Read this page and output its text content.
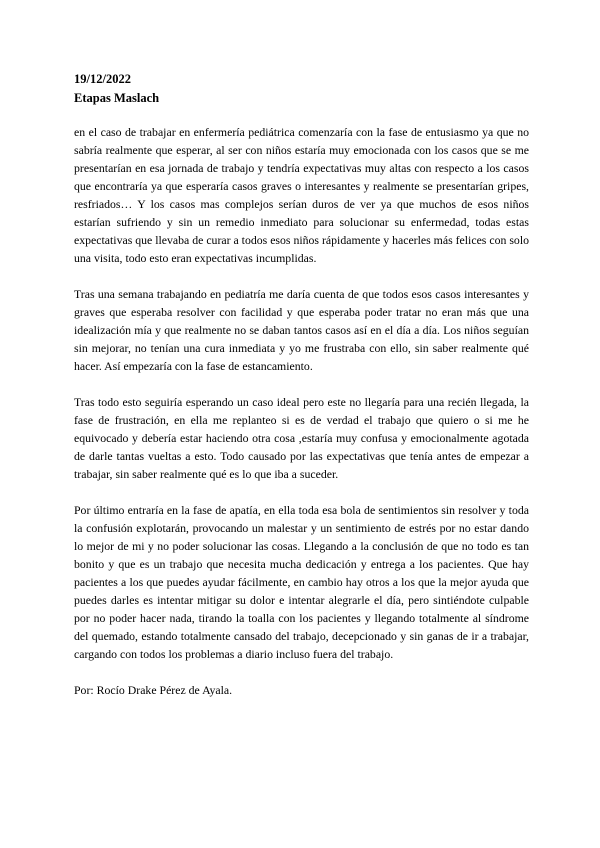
19/12/2022
Etapas Maslach

en el caso de trabajar en enfermería pediátrica comenzaría con la fase de entusiasmo ya que no sabría realmente que esperar, al ser con niños estaría muy emocionada con los casos que se me presentarían en esa jornada de trabajo y tendría expectativas muy altas con respecto a los casos que encontraría ya que esperaría casos graves o interesantes y realmente se presentarían gripes, resfriados… Y los casos mas complejos serían duros de ver ya que muchos de esos niños estarían sufriendo y sin un remedio inmediato para solucionar su enfermedad, todas estas expectativas que llevaba de curar a todos esos niños rápidamente y hacerles más felices con solo una visita, todo esto eran expectativas incumplidas.

Tras una semana trabajando en pediatría me daría cuenta de que todos esos casos interesantes y graves que esperaba resolver con facilidad y que esperaba poder tratar no eran más que una idealización mía y que realmente no se daban tantos casos así en el día a día. Los niños seguían sin mejorar, no tenían una cura inmediata y yo me frustraba con ello, sin saber realmente qué hacer. Así empezaría con la fase de estancamiento.

Tras todo esto seguiría esperando un caso ideal pero este no llegaría para una recién llegada, la fase de frustración, en ella me replanteo si es de verdad el trabajo que quiero o si me he equivocado y debería estar haciendo otra cosa ,estaría muy confusa y emocionalmente agotada de darle tantas vueltas a esto. Todo causado por las expectativas que tenía antes de empezar a trabajar, sin saber realmente qué es lo que iba a suceder.

Por último entraría en la fase de apatía, en ella toda esa bola de sentimientos sin resolver y toda la confusión explotarán, provocando un malestar y un sentimiento de estrés por no estar dando lo mejor de mi y no poder solucionar las cosas. Llegando a la conclusión de que no todo es tan bonito y que es un trabajo que necesita mucha dedicación y entrega a los pacientes. Que hay pacientes a los que puedes ayudar fácilmente, en cambio hay otros a los que la mejor ayuda que puedes darles es intentar mitigar su dolor e intentar alegrarle el día, pero sintiéndote culpable por no poder hacer nada, tirando la toalla con los pacientes y llegando totalmente al síndrome del quemado, estando totalmente cansado del trabajo, decepcionado y sin ganas de ir a trabajar, cargando con todos los problemas a diario incluso fuera del trabajo.

Por: Rocío Drake Pérez de Ayala.
